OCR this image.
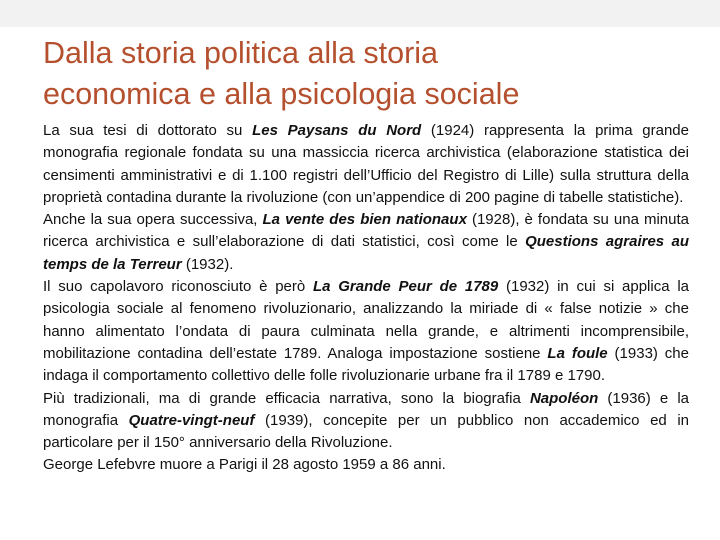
Dalla storia politica alla storia
economica e alla psicologia sociale

La sua tesi di dottorato su Les Paysans du Nord (1924) rappresenta la prima grande monografia regionale fondata su una massiccia ricerca archivistica (elaborazione statistica dei censimenti amministrativi e di 1.100 registri dell’Ufficio del Registro di Lille) sulla struttura della proprietà contadina durante la rivoluzione (con un’appendice di 200 pagine di tabelle statistiche).

Anche la sua opera successiva, La vente des bien nationaux (1928), è fondata su una minuta ricerca archivistica e sull’elaborazione di dati statistici, così come le Questions agraires au temps de la Terreur (1932).

Il suo capolavoro riconosciuto è però La Grande Peur de 1789 (1932) in cui si applica la psicologia sociale al fenomeno rivoluzionario, analizzando la miriade di « false notizie » che hanno alimentato l’ondata di paura culminata nella grande, e altrimenti incomprensibile, mobilitazione contadina dell’estate 1789. Analoga impostazione sostiene La foule (1933) che indaga il comportamento collettivo delle folle rivoluzionarie urbane fra il 1789 e 1790.

Più tradizionali, ma di grande efficacia narrativa, sono la biografia Napoléon (1936) e la monografia Quatre-vingt-neuf (1939), concepite per un pubblico non accademico ed in particolare per il 150° anniversario della Rivoluzione.

George Lefebvre muore a Parigi il 28 agosto 1959 a 86 anni.
